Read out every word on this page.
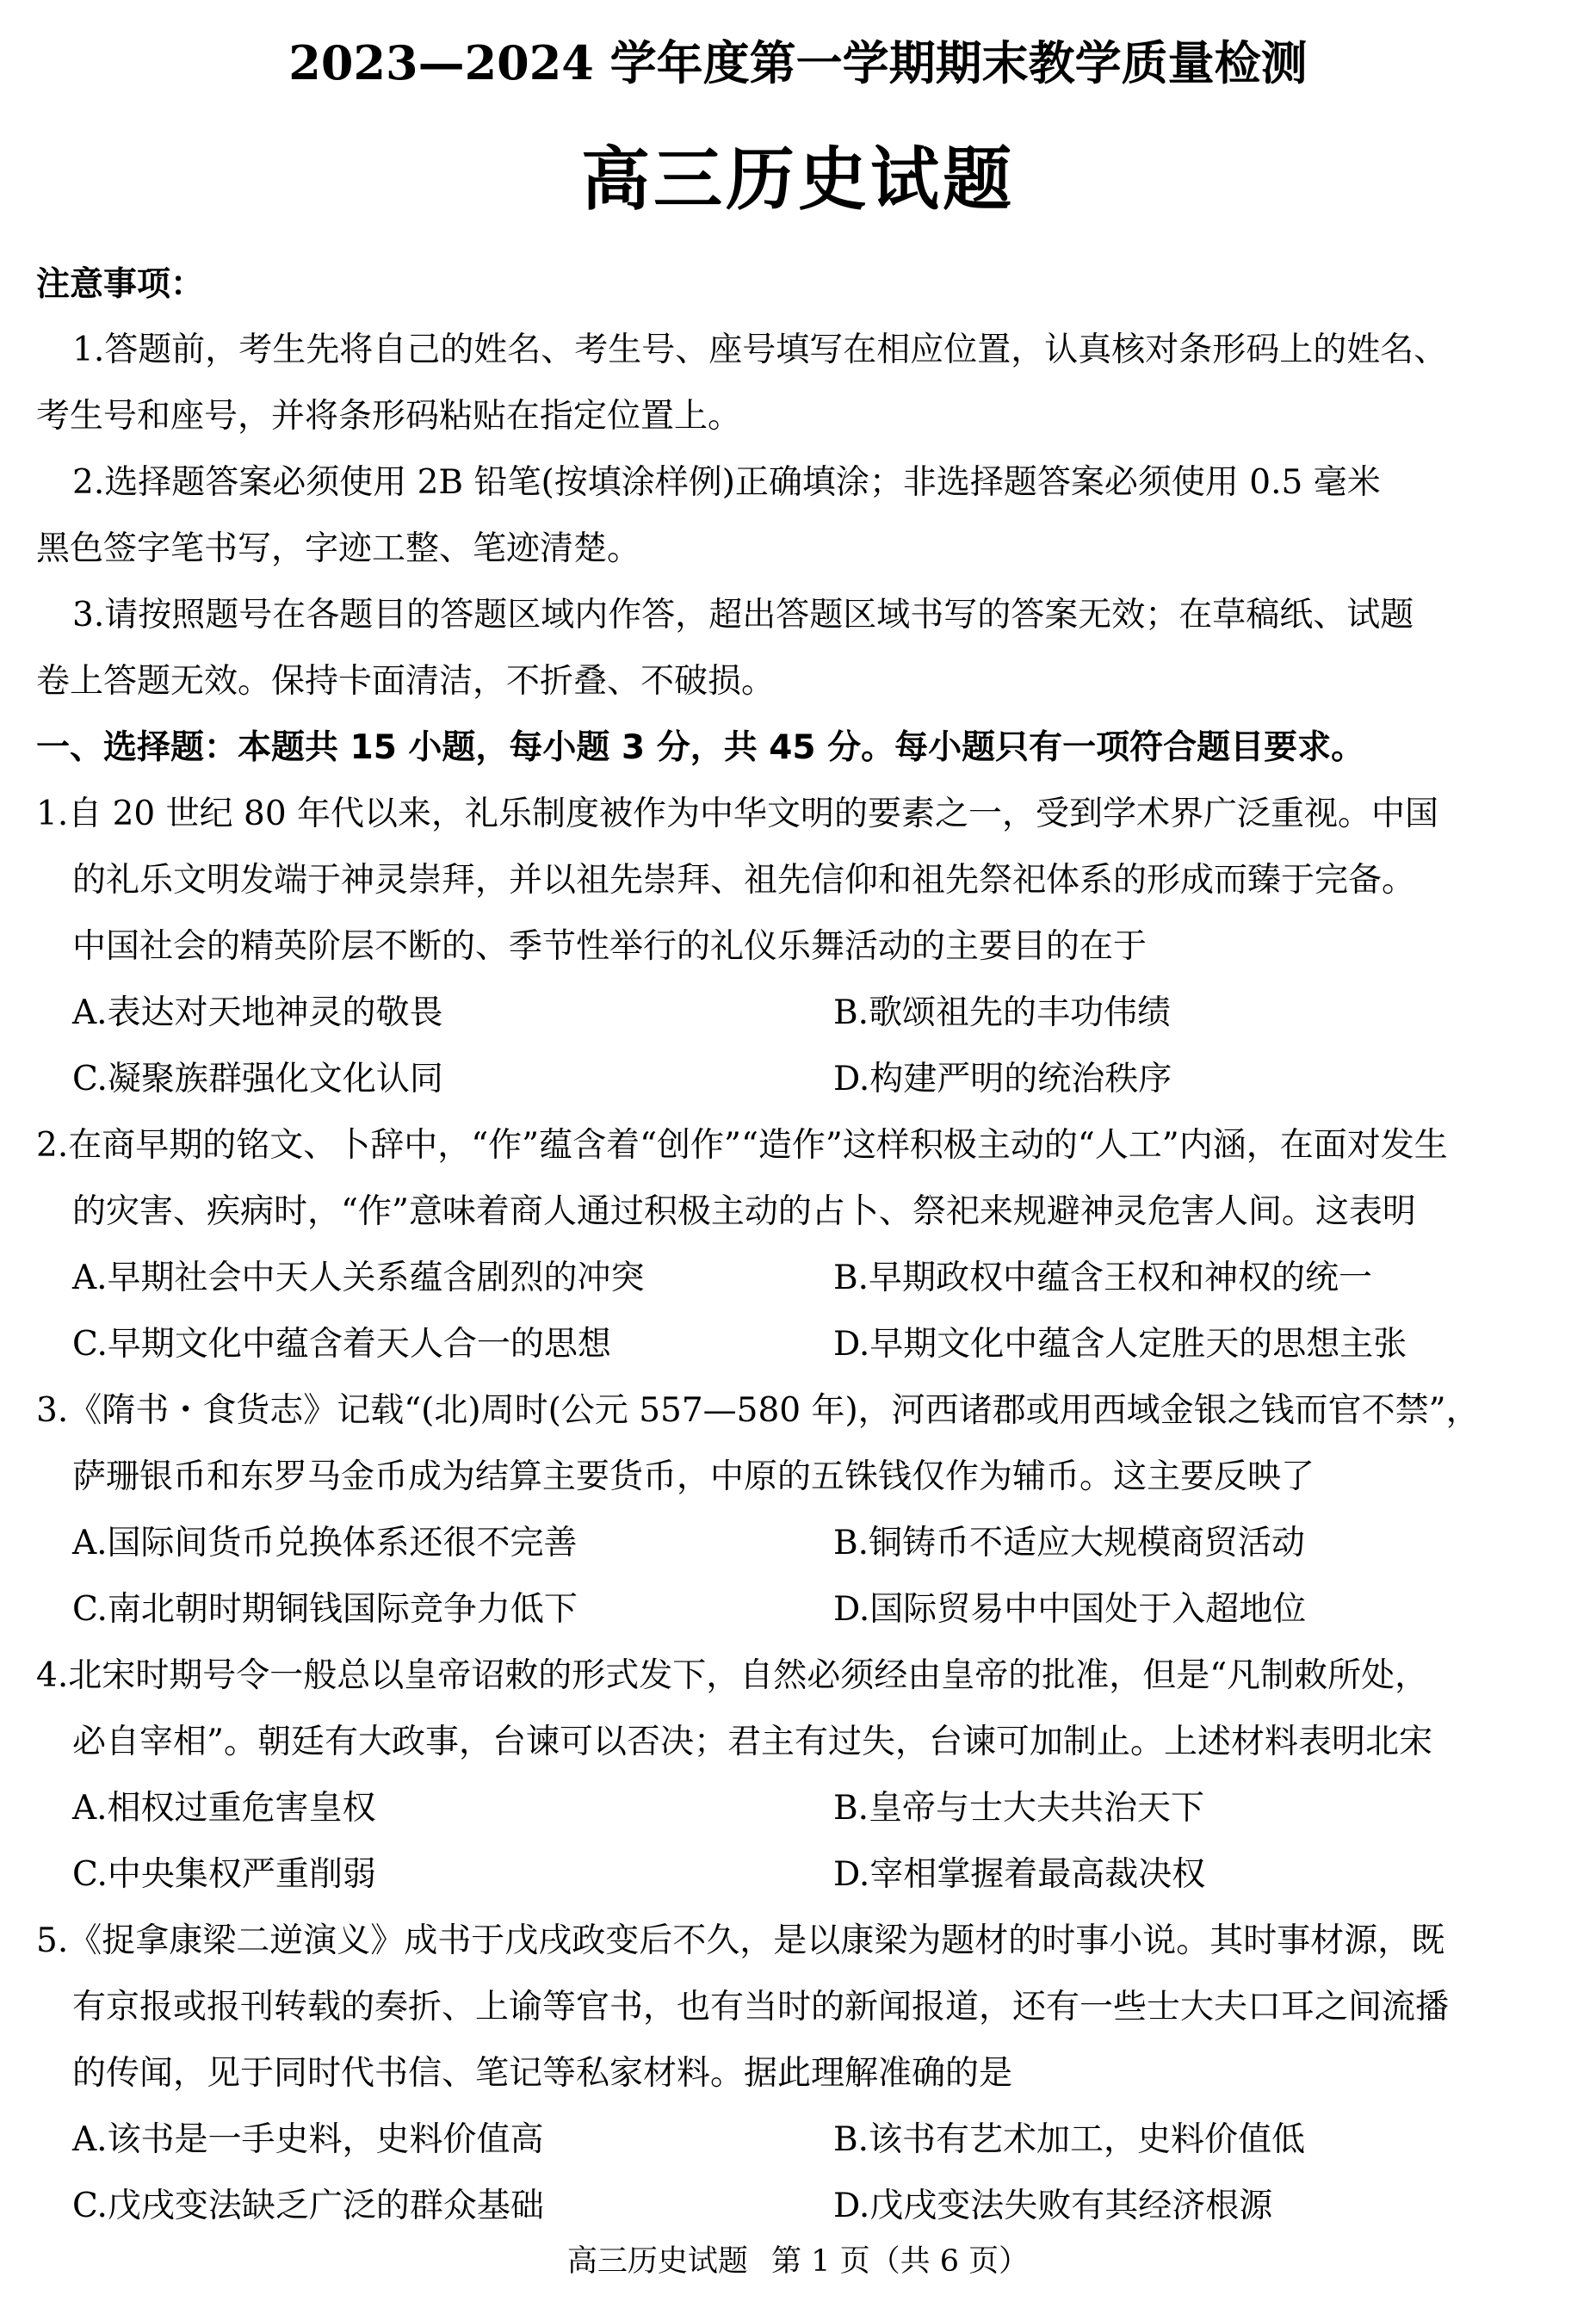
2023—2024 学年度第一学期期末教学质量检测
高三历史试题
注意事项：
1.答题前，考生先将自己的姓名、考生号、座号填写在相应位置，认真核对条形码上的姓名、
考生号和座号，并将条形码粘贴在指定位置上。
2.选择题答案必须使用 2B 铅笔(按填涂样例)正确填涂；非选择题答案必须使用 0.5 毫米
黑色签字笔书写，字迹工整、笔迹清楚。
3.请按照题号在各题目的答题区域内作答，超出答题区域书写的答案无效；在草稿纸、试题
卷上答题无效。保持卡面清洁，不折叠、不破损。
一、选择题：本题共 15 小题，每小题 3 分，共 45 分。每小题只有一项符合题目要求。
1.自 20 世纪 80 年代以来，礼乐制度被作为中华文明的要素之一，受到学术界广泛重视。中国
的礼乐文明发端于神灵崇拜，并以祖先崇拜、祖先信仰和祖先祭祀体系的形成而臻于完备。
中国社会的精英阶层不断的、季节性举行的礼仪乐舞活动的主要目的在于
A.表达对天地神灵的敬畏	B.歌颂祖先的丰功伟绩
C.凝聚族群强化文化认同	D.构建严明的统治秩序
2.在商早期的铭文、卜辞中，“作”蕴含着“创作”“造作”这样积极主动的“人工”内涵，在面对发生
的灾害、疾病时，“作”意味着商人通过积极主动的占卜、祭祀来规避神灵危害人间。这表明
A.早期社会中天人关系蕴含剧烈的冲突	B.早期政权中蕴含王权和神权的统一
C.早期文化中蕴含着天人合一的思想	D.早期文化中蕴含人定胜天的思想主张
3.《隋书・食货志》记载“(北)周时(公元 557—580 年)，河西诸郡或用西域金银之钱而官不禁”，
萨珊银币和东罗马金币成为结算主要货币，中原的五铢钱仅作为辅币。这主要反映了
A.国际间货币兑换体系还很不完善	B.铜铸币不适应大规模商贸活动
C.南北朝时期铜钱国际竞争力低下	D.国际贸易中中国处于入超地位
4.北宋时期号令一般总以皇帝诏敕的形式发下，自然必须经由皇帝的批准，但是“凡制敕所处，
必自宰相”。朝廷有大政事，台谏可以否决；君主有过失，台谏可加制止。上述材料表明北宋
A.相权过重危害皇权	B.皇帝与士大夫共治天下
C.中央集权严重削弱	D.宰相掌握着最高裁决权
5.《捉拿康梁二逆演义》成书于戊戌政变后不久，是以康梁为题材的时事小说。其时事材源，既
有京报或报刊转载的奏折、上谕等官书，也有当时的新闻报道，还有一些士大夫口耳之间流播
的传闻，见于同时代书信、笔记等私家材料。据此理解准确的是
A.该书是一手史料，史料价值高	B.该书有艺术加工，史料价值低
C.戊戌变法缺乏广泛的群众基础	D.戊戌变法失败有其经济根源
高三历史试题 第 1 页（共 6 页）
